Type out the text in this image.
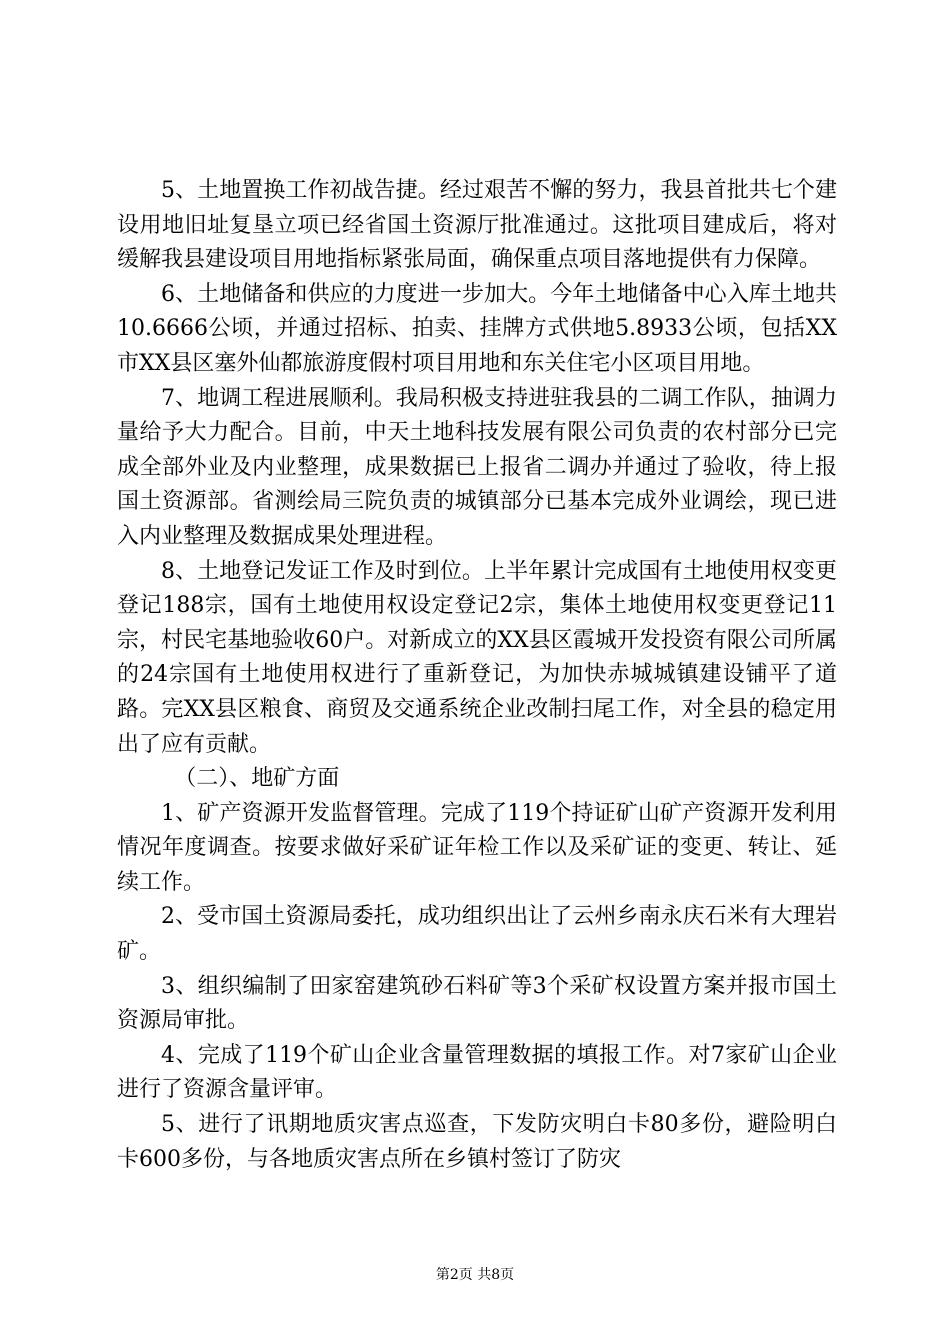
5、土地置换工作初战告捷。经过艰苦不懈的努力，我县首批共七个建设用地旧址复垦立项已经省国土资源厅批准通过。这批项目建成后，将对缓解我县建设项目用地指标紧张局面，确保重点项目落地提供有力保障。

6、土地储备和供应的力度进一步加大。今年土地储备中心入库土地共10.6666公顷，并通过招标、拍卖、挂牌方式供地5.8933公顷，包括XX市XX县区塞外仙都旅游度假村项目用地和东关住宅小区项目用地。

7、地调工程进展顺利。我局积极支持进驻我县的二调工作队，抽调力量给予大力配合。目前，中天土地科技发展有限公司负责的农村部分已完成全部外业及内业整理，成果数据已上报省二调办并通过了验收，待上报国土资源部。省测绘局三院负责的城镇部分已基本完成外业调绘，现已进入内业整理及数据成果处理进程。

8、土地登记发证工作及时到位。上半年累计完成国有土地使用权变更登记188宗，国有土地使用权设定登记2宗，集体土地使用权变更登记11宗，村民宅基地验收60户。对新成立的XX县区霞城开发投资有限公司所属的24宗国有土地使用权进行了重新登记，为加快赤城城镇建设铺平了道路。完XX县区粮食、商贸及交通系统企业改制扫尾工作，对全县的稳定用出了应有贡献。

（二）、地矿方面

1、矿产资源开发监督管理。完成了119个持证矿山矿产资源开发利用情况年度调查。按要求做好采矿证年检工作以及采矿证的变更、转让、延续工作。

2、受市国土资源局委托，成功组织出让了云州乡南永庆石米有大理岩矿。

3、组织编制了田家窑建筑砂石料矿等3个采矿权设置方案并报市国土资源局审批。

4、完成了119个矿山企业含量管理数据的填报工作。对7家矿山企业进行了资源含量评审。

5、进行了讯期地质灾害点巡查，下发防灾明白卡80多份，避险明白卡600多份，与各地质灾害点所在乡镇村签订了防灾

第2页 共8页
